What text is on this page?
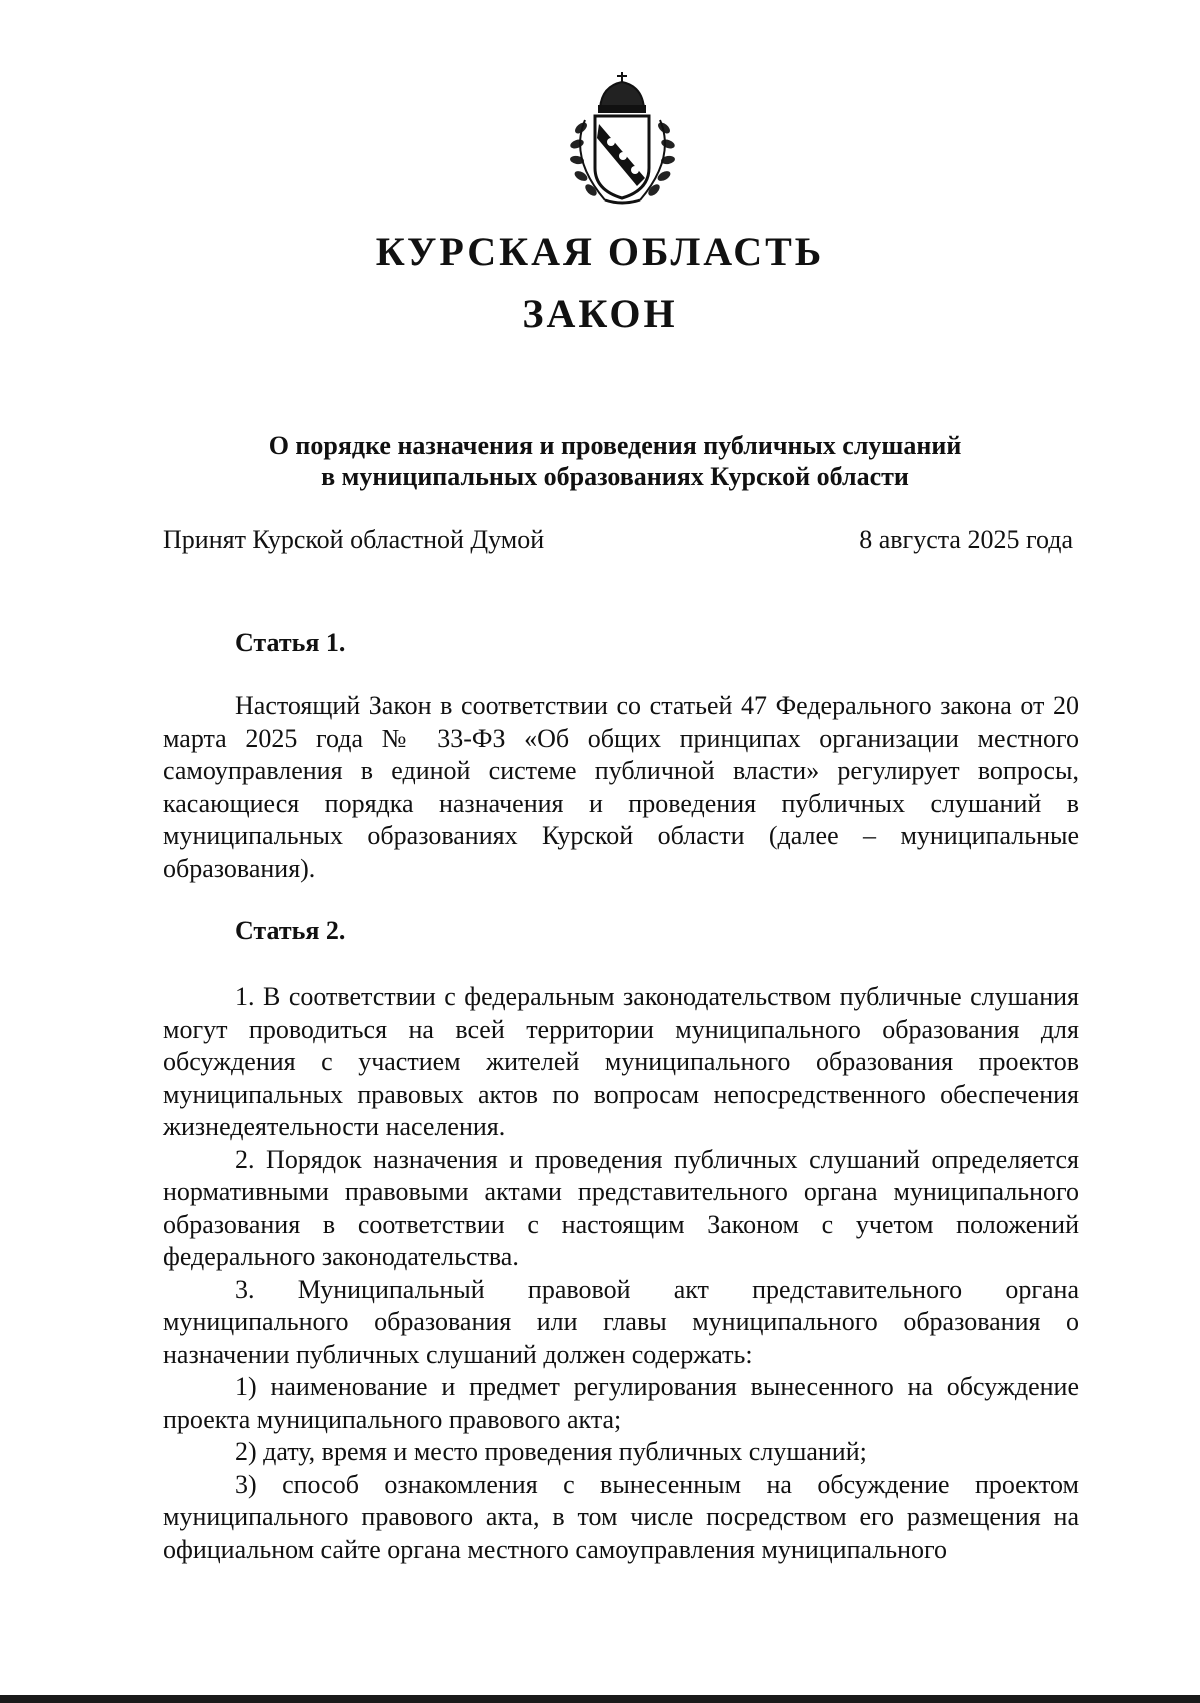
КУРСКАЯ ОБЛАСТЬ
ЗАКОН
О порядке назначения и проведения публичных слушаний
в муниципальных образованиях Курской области
Принят Курской областной Думой	8 августа 2025 года
Статья 1.

Настоящий Закон в соответствии со статьей 47 Федерального закона от 20 марта 2025 года № 33-ФЗ «Об общих принципах организации местного самоуправления в единой системе публичной власти» регулирует вопросы, касающиеся порядка назначения и проведения публичных слушаний в муниципальных образованиях Курской области (далее – муниципальные образования).

Статья 2.

1. В соответствии с федеральным законодательством публичные слушания могут проводиться на всей территории муниципального образования для обсуждения с участием жителей муниципального образования проектов муниципальных правовых актов по вопросам непосредственного обеспечения жизнедеятельности населения.

2. Порядок назначения и проведения публичных слушаний определяется нормативными правовыми актами представительного органа муниципального образования в соответствии с настоящим Законом с учетом положений федерального законодательства.

3. Муниципальный правовой акт представительного органа муниципального образования или главы муниципального образования о назначении публичных слушаний должен содержать:

1) наименование и предмет регулирования вынесенного на обсуждение проекта муниципального правового акта;

2) дату, время и место проведения публичных слушаний;

3) способ ознакомления с вынесенным на обсуждение проектом муниципального правового акта, в том числе посредством его размещения на официальном сайте органа местного самоуправления муниципального
